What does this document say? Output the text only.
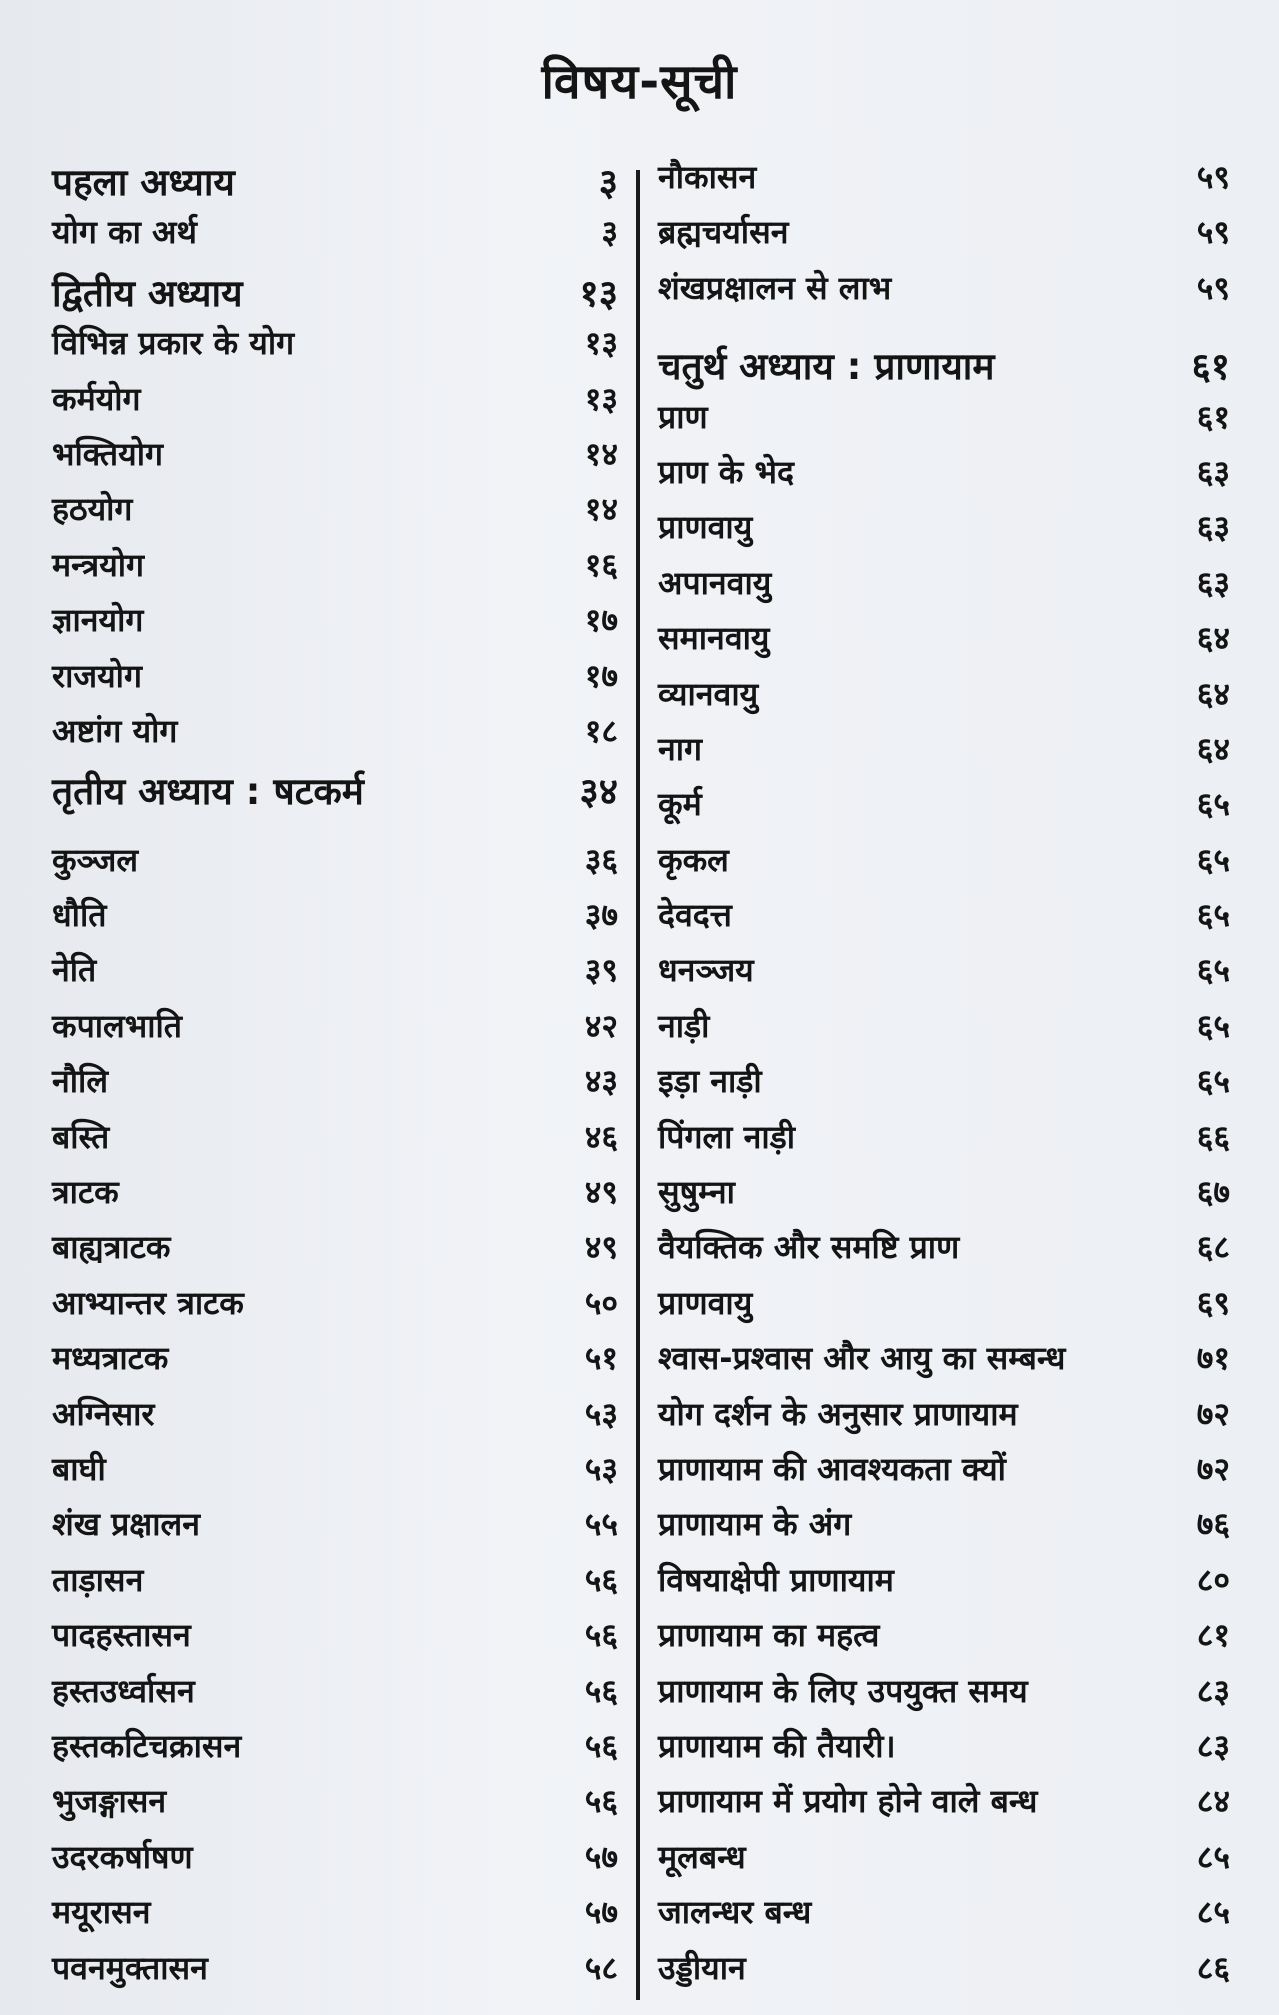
विषय-सूची
पहला अध्याय	३
योग का अर्थ	३
द्वितीय अध्याय	१३
विभिन्न प्रकार के योग	१३
कर्मयोग	१३
भक्तियोग	१४
हठयोग	१४
मन्त्रयोग	१६
ज्ञानयोग	१७
राजयोग	१७
अष्टांग योग	१८
तृतीय अध्याय : षटकर्म	३४
कुञ्जल	३६
धौति	३७
नेति	३९
कपालभाति	४२
नौलि	४३
बस्ति	४६
त्राटक	४९
बाह्यत्राटक	४९
आभ्यान्तर त्राटक	५०
मध्यत्राटक	५१
अग्निसार	५३
बाघी	५३
शंख प्रक्षालन	५५
ताड़ासन	५६
पादहस्तासन	५६
हस्तउर्ध्वासन	५६
हस्तकटिचक्रासन	५६
भुजङ्गासन	५६
उदरकर्षाषण	५७
मयूरासन	५७
पवनमुक्तासन	५८
नौकासन	५९
ब्रह्मचर्यासन	५९
शंखप्रक्षालन से लाभ	५९
चतुर्थ अध्याय : प्राणायाम	६१
प्राण	६१
प्राण के भेद	६३
प्राणवायु	६३
अपानवायु	६३
समानवायु	६४
व्यानवायु	६४
नाग	६४
कूर्म	६५
कृकल	६५
देवदत्त	६५
धनञ्जय	६५
नाड़ी	६५
इड़ा नाड़ी	६५
पिंगला नाड़ी	६६
सुषुम्ना	६७
वैयक्तिक और समष्टि प्राण	६८
प्राणवायु	६९
श्वास-प्रश्वास और आयु का सम्बन्ध	७१
योग दर्शन के अनुसार प्राणायाम	७२
प्राणायाम की आवश्यकता क्यों	७२
प्राणायाम के अंग	७६
विषयाक्षेपी प्राणायाम	८०
प्राणायाम का महत्व	८१
प्राणायाम के लिए उपयुक्त समय	८३
प्राणायाम की तैयारी।	८३
प्राणायाम में प्रयोग होने वाले बन्ध	८४
मूलबन्ध	८५
जालन्धर बन्ध	८५
उड्डीयान	८६
